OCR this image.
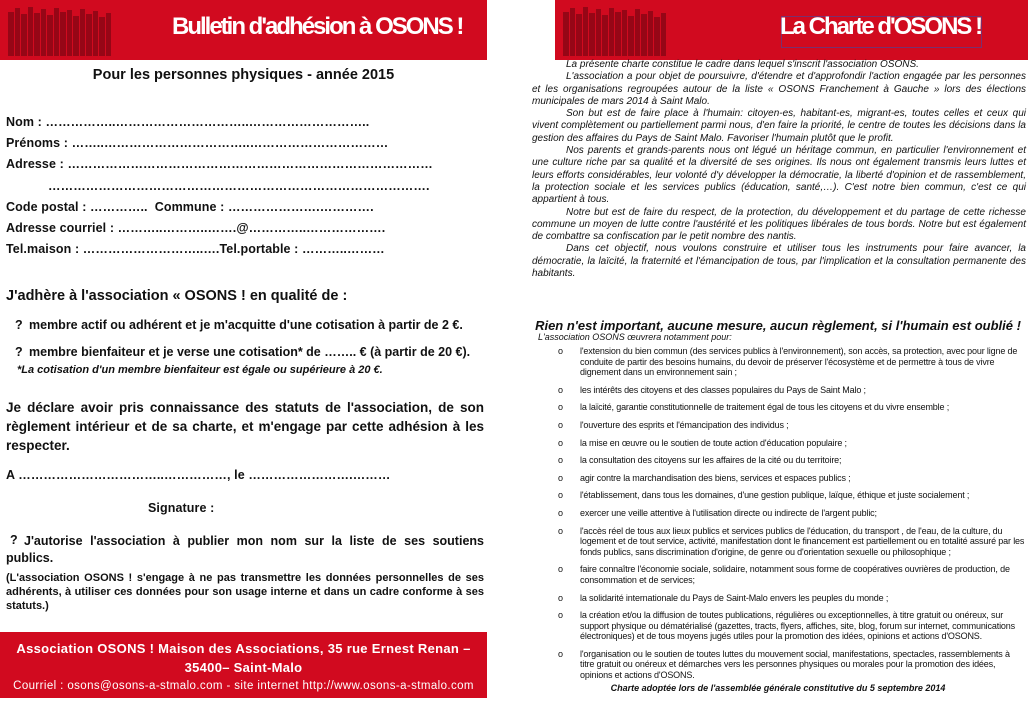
Bulletin d'adhésion à OSONS !
Pour les personnes physiques - année 2015
Nom : ……………..…………………………..………………………..
Prénoms : ……..……………………………..……………………………
Adresse : ……………………………………………………………………………
……………………………………………………………………………….
Code postal : …………..  Commune : ………………….………….
Adresse courriel : ………..………..…….@…………..……………….
Tel.maison : ………………………..….Tel.portable : ………..………
J'adhère à l'association « OSONS ! en qualité de :
? membre actif ou adhérent et je m'acquitte d'une cotisation à partir de 2 €.
? membre bienfaiteur et je verse une cotisation* de …….. € (à partir de 20 €).
*La cotisation d'un membre bienfaiteur est égale ou supérieure à 20 €.
Je déclare avoir pris connaissance des statuts de l'association, de son règlement intérieur et de sa charte, et m'engage par cette adhésion à les respecter.
A ……………………………..……………, le …………………….………
Signature :
? J'autorise l'association à publier mon nom sur la liste de ses soutiens publics.
(L'association OSONS ! s'engage à ne pas transmettre les données personnelles de ses adhérents, à utiliser ces données pour son usage interne et dans un cadre conforme à ses statuts.)
Association OSONS ! Maison des Associations, 35 rue Ernest Renan – 35400– Saint-Malo
Courriel : osons@osons-a-stmalo.com - site internet http://www.osons-a-stmalo.com
La Charte d'OSONS !

La présente charte constitue le cadre dans lequel s'inscrit l'association OSONS.

L'association a pour objet de poursuivre, d'étendre et d'approfondir l'action engagée par les personnes et les organisations regroupées autour de la liste « OSONS Franchement à Gauche » lors des élections municipales de mars 2014 à Saint Malo.

Son but est de faire place à l'humain: citoyen-es, habitant-es, migrant-es, toutes celles et ceux qui vivent complètement ou partiellement parmi nous, d'en faire la priorité, le centre de toutes les décisions dans la gestion des affaires du Pays de Saint Malo. Favoriser l'humain plutôt que le profit.

Nos parents et grands-parents nous ont légué un héritage commun, en particulier l'environnement et une culture riche par sa qualité et la diversité de ses origines. Ils nous ont également transmis leurs luttes et leurs efforts considérables, leur volonté d'y développer la démocratie, la liberté d'opinion et de rassemblement, la protection sociale et les services publics (éducation, santé,…). C'est notre bien commun, c'est ce qui appartient à tous.

Notre but est de faire du respect, de la protection, du développement et du partage de cette richesse commune un moyen de lutte contre l'austérité et les politiques libérales de tous bords. Notre but est également de combattre sa confiscation par le petit nombre des nantis.

Dans cet objectif, nous voulons construire et utiliser tous les instruments pour faire avancer, la démocratie, la laïcité, la fraternité et l'émancipation de tous, par l'implication et la consultation permanente des habitants.

Rien n'est important, aucune mesure, aucun règlement, si l'humain est oublié !
L'association OSONS œuvrera notamment pour:
o l'extension du bien commun (des services publics à l'environnement), son accès, sa protection, avec pour ligne de conduite de partir des besoins humains, du devoir de préserver l'écosystème et de permettre à tous de vivre dignement dans un environnement sain ;
o les intérêts des citoyens et des classes populaires du Pays de Saint Malo ;
o la laïcité, garantie constitutionnelle de traitement égal de tous les citoyens et du vivre ensemble ;
o l'ouverture des esprits et l'émancipation des individus ;
o la mise en œuvre ou le soutien de toute action d'éducation populaire ;
o la consultation des citoyens sur les affaires de la cité ou du territoire;
o agir contre la marchandisation des biens, services et espaces publics ;
o l'établissement, dans tous les domaines, d'une gestion publique, laïque, éthique et juste socialement ;
o exercer une veille attentive à l'utilisation directe ou indirecte de l'argent public;
o l'accès réel de tous aux lieux publics et services publics de l'éducation, du transport , de l'eau, de la culture, du logement et de tout service, activité, manifestation dont le financement est partiellement ou en totalité assuré par les fonds publics, sans discrimination d'origine, de genre ou d'orientation sexuelle ou philosophique ;
o faire connaître l'économie sociale, solidaire, notamment sous forme de coopératives ouvrières de production, de consommation et de services;
o la solidarité internationale du Pays de Saint-Malo envers les peuples du monde ;
o la création et/ou la diffusion de toutes publications, régulières ou exceptionnelles, à titre gratuit ou onéreux, sur support physique ou dématérialisé (gazettes, tracts, flyers, affiches, site, blog, forum sur internet, communications électroniques) et de tous moyens jugés utiles pour la promotion des idées, opinions et actions d'OSONS.
o l'organisation ou le soutien de toutes luttes du mouvement social, manifestations, spectacles, rassemblements à titre gratuit ou onéreux et démarches vers les personnes physiques ou morales pour la promotion des idées, opinions et actions d'OSONS.
Charte adoptée lors de l'assemblée générale constitutive du 5 septembre 2014
